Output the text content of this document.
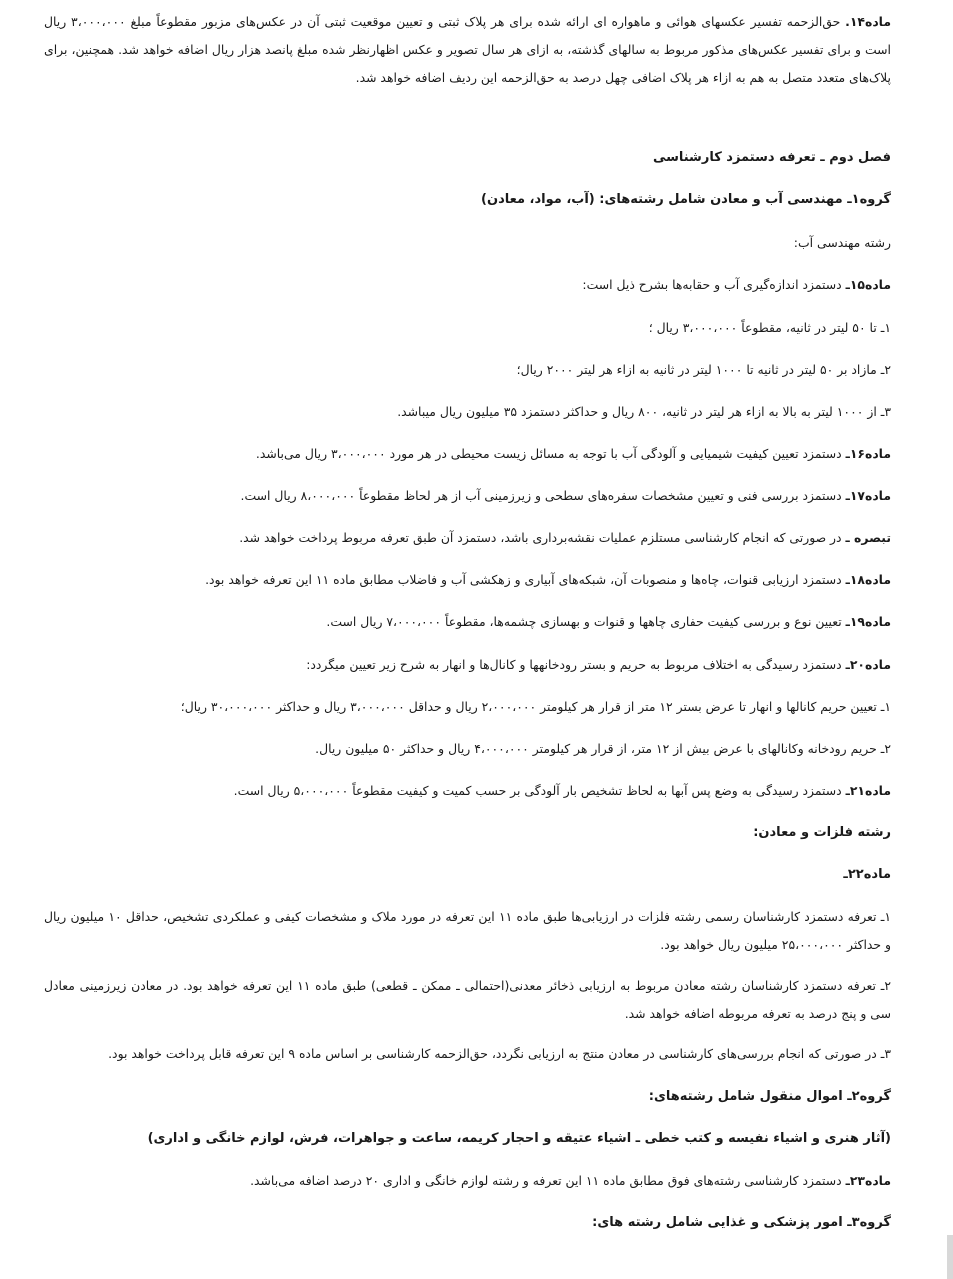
ماده۱۴. حق‌الزحمه تفسیر عکسهای هوائی و ماهواره ای ارائه شده برای هر پلاک ثبتی و تعیین موقعیت ثبتی آن در عکس‌های مزبور مقطوعاً مبلغ ۳،۰۰۰،۰۰۰ ریال است و برای تفسیر عکس‌های مذکور مربوط به سالهای گذشته، به ازای هر سال تصویر و عکس اظهارنظر شده مبلغ پانصد هزار ریال اضافه خواهد شد. همچنین، برای پلاک‌های متعدد متصل به هم به ازاء هر پلاک اضافی چهل درصد به حق‌الزحمه این ردیف اضافه خواهد شد.

فصل دوم ـ تعرفه دستمزد کارشناسی

گروه۱ـ مهندسی آب و معادن شامل رشته‌های: (آب، مواد، معادن)

رشته مهندسی آب:

ماده۱۵ـ دستمزد اندازه‌گیری آب و حقابه‌ها بشرح ذیل است:

۱ـ تا ۵۰ لیتر در ثانیه، مقطوعاً ۳،۰۰۰،۰۰۰ ریال ؛

۲ـ مازاد بر ۵۰ لیتر در ثانیه تا ۱۰۰۰ لیتر در ثانیه به ازاء هر لیتر ۲۰۰۰ ریال؛

۳ـ از ۱۰۰۰ لیتر به بالا به ازاء هر لیتر در ثانیه، ۸۰۰ ریال و حداکثر دستمزد ۳۵ میلیون ریال میباشد.

ماده۱۶ـ دستمزد تعیین کیفیت شیمیایی و آلودگی آب با توجه به مسائل زیست محیطی در هر مورد ۳،۰۰۰،۰۰۰ ریال می‌باشد.

ماده۱۷ـ دستمزد بررسی فنی و تعیین مشخصات سفره‌های سطحی و زیرزمینی آب از هر لحاظ مقطوعاً ۸،۰۰۰،۰۰۰ ریال است.

تبصره ـ در صورتی که انجام کارشناسی مستلزم عملیات نقشه‌برداری باشد، دستمزد آن طبق تعرفه مربوط پرداخت خواهد شد.

ماده۱۸ـ دستمزد ارزیابی قنوات، چاه‌ها و منصوبات آن، شبکه‌های آبیاری و زهکشی آب و فاضلاب مطابق ماده ۱۱ این تعرفه خواهد بود.

ماده۱۹ـ تعیین نوع و بررسی کیفیت حفاری چاهها و قنوات و بهسازی چشمه‌ها، مقطوعاً ۷،۰۰۰،۰۰۰ ریال است.

ماده۲۰ـ دستمزد رسیدگی به اختلاف مربوط به حریم و بستر رودخانهها و کانال‌ها و انهار به شرح زیر تعیین میگردد:

۱ـ تعیین حریم کانالها و انهار تا عرض بستر ۱۲ متر از قرار هر کیلومتر ۲،۰۰۰،۰۰۰ ریال و حداقل ۳،۰۰۰،۰۰۰ ریال و حداکثر ۳۰،۰۰۰،۰۰۰ ریال؛

۲ـ حریم رودخانه وکانالهای با عرض بیش از ۱۲ متر، از قرار هر کیلومتر ۴،۰۰۰،۰۰۰ ریال و حداکثر ۵۰ میلیون ریال.

ماده۲۱ـ دستمزد رسیدگی به وضع پس آبها به لحاظ تشخیص بار آلودگی بر حسب کمیت و کیفیت مقطوعاً ۵،۰۰۰،۰۰۰ ریال است.

رشته فلزات و معادن:

ماده۲۲ـ

۱ـ تعرفه دستمزد کارشناسان رسمی رشته فلزات در ارزیابی‌ها طبق ماده ۱۱ این تعرفه در مورد ملاک و مشخصات کیفی و عملکردی تشخیص، حداقل ۱۰ میلیون ریال و حداکثر ۲۵،۰۰۰،۰۰۰ میلیون ریال خواهد بود.

۲ـ تعرفه دستمزد کارشناسان رشته معادن مربوط به ارزیابی ذخائر معدنی(احتمالی ـ ممکن ـ قطعی) طبق ماده ۱۱ این تعرفه خواهد بود. در معادن زیرزمینی معادل سی و پنج درصد به تعرفه مربوطه اضافه خواهد شد.

۳ـ در صورتی که انجام بررسی‌های کارشناسی در معادن منتج به ارزیابی نگردد، حق‌الزحمه کارشناسی بر اساس ماده ۹ این تعرفه قابل پرداخت خواهد بود.

گروه۲ـ اموال منقول شامل رشته‌های:

(آثار هنری و اشیاء نفیسه و کتب خطی ـ اشیاء عتیقه و احجار کریمه، ساعت و جواهرات، فرش، لوازم خانگی و اداری)

ماده۲۳ـ دستمزد کارشناسی رشته‌های فوق مطابق ماده ۱۱ این تعرفه و رشته لوازم خانگی و اداری ۲۰ درصد اضافه می‌باشد.

گروه۳ـ امور پزشکی و غذایی شامل رشته های:
